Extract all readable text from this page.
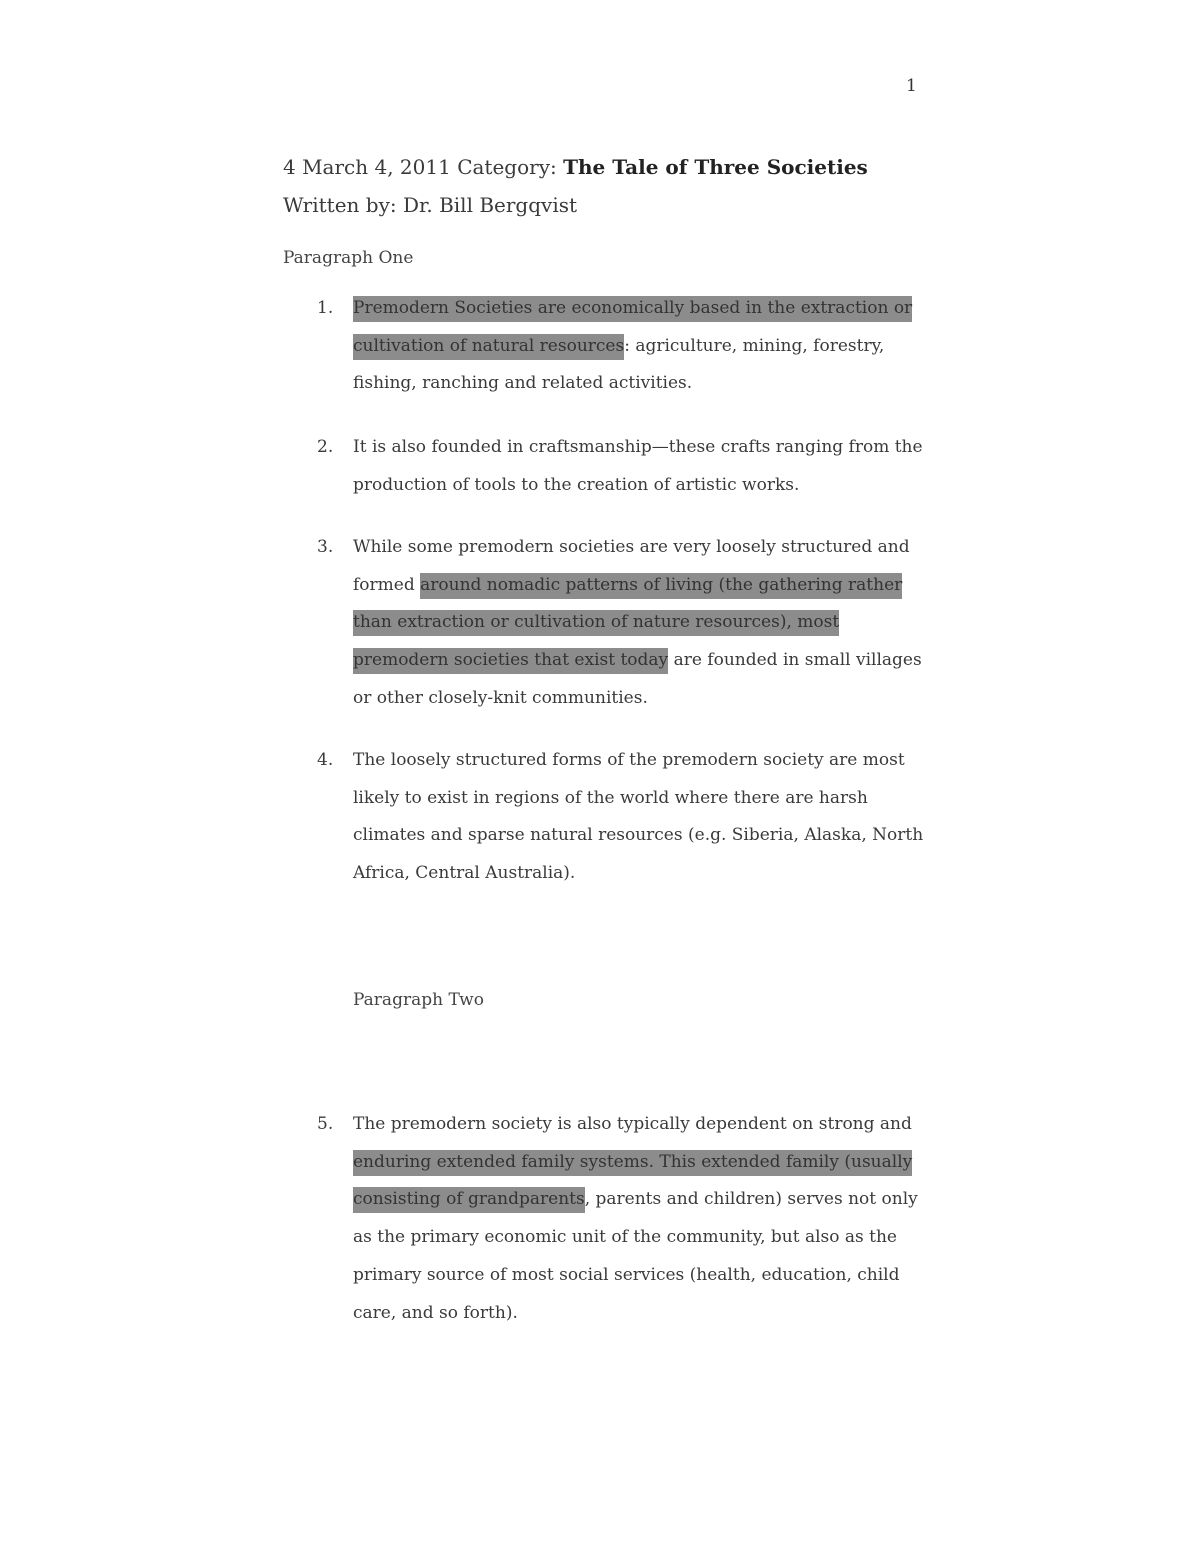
1
4 March 4, 2011 Category: The Tale of Three Societies Written by: Dr. Bill Bergqvist

Paragraph One

1.	Premodern Societies are economically based in the extraction or cultivation of natural resources: agriculture, mining, forestry, fishing, ranching and related activities.
2.	It is also founded in craftsmanship—these crafts ranging from the production of tools to the creation of artistic works.
3.	While some premodern societies are very loosely structured and formed around nomadic patterns of living (the gathering rather than extraction or cultivation of nature resources), most premodern societies that exist today are founded in small villages or other closely-knit communities.
4.	The loosely structured forms of the premodern society are most likely to exist in regions of the world where there are harsh climates and sparse natural resources (e.g. Siberia, Alaska, North Africa, Central Australia).

Paragraph Two

5.	The premodern society is also typically dependent on strong and enduring extended family systems. This extended family (usually consisting of grandparents, parents and children) serves not only as the primary economic unit of the community, but also as the primary source of most social services (health, education, child care, and so forth).
